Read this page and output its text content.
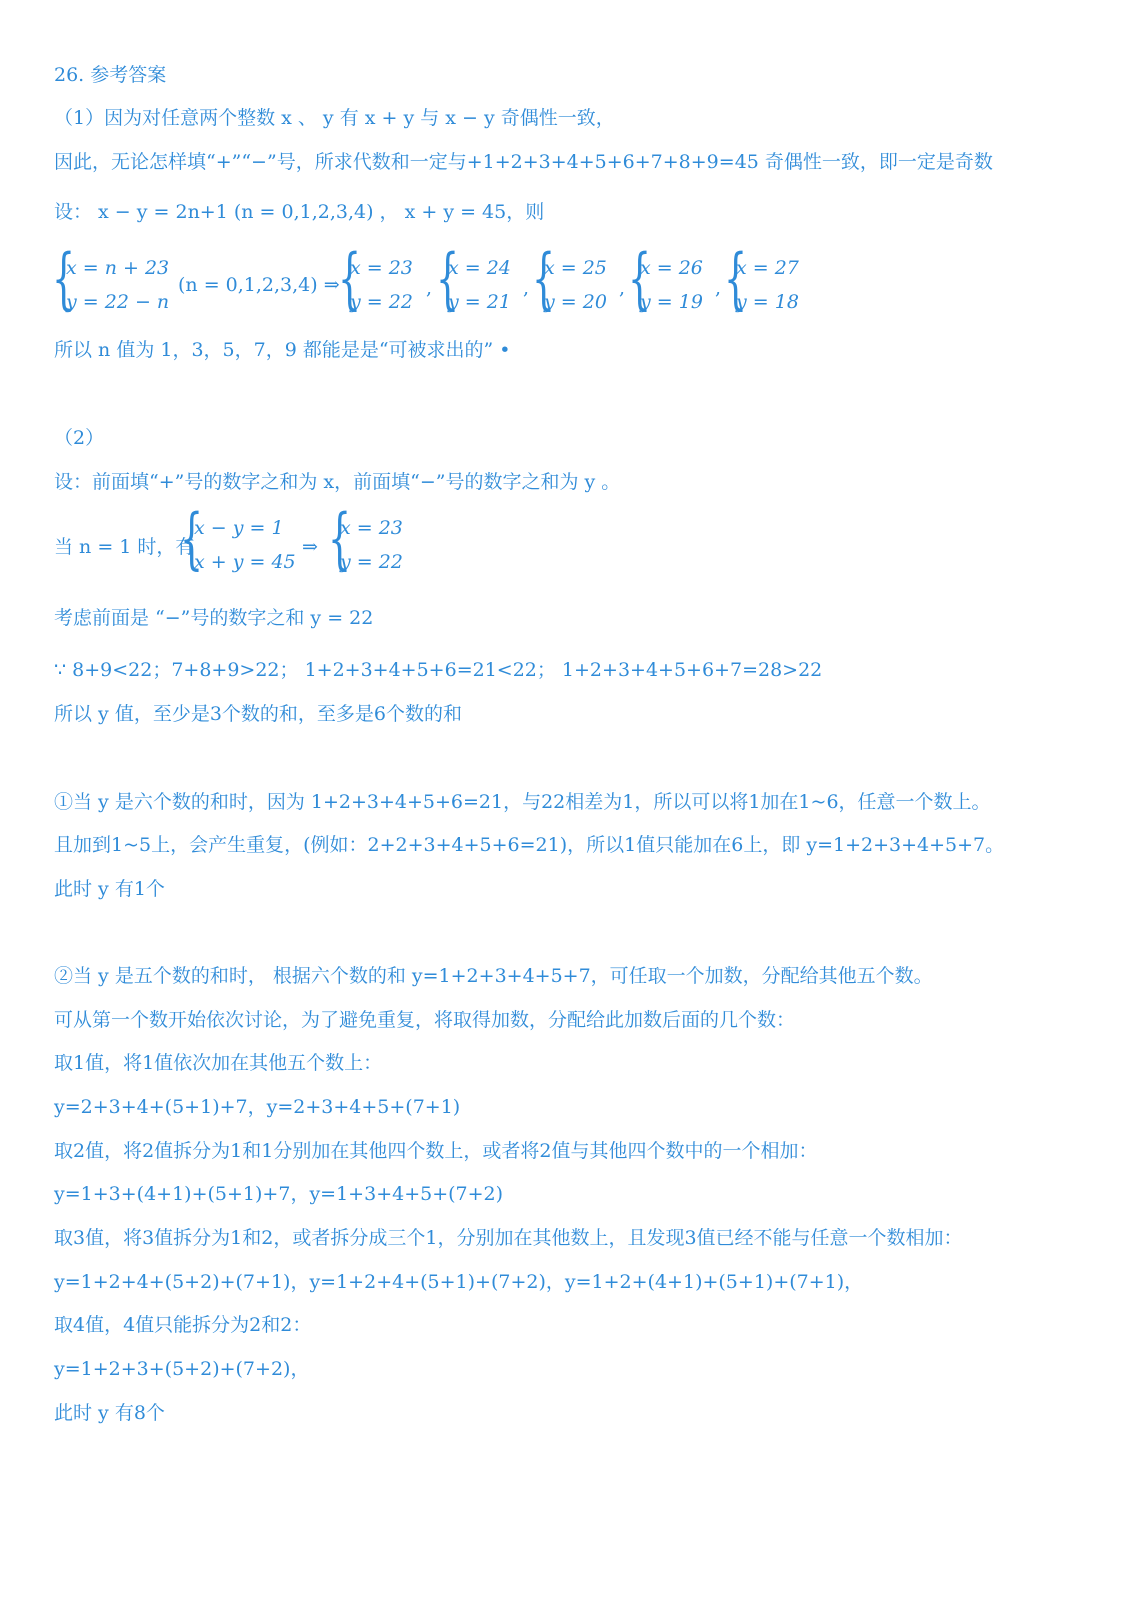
26. 参考答案
（1）因为对任意两个整数 x 、 y 有 x + y 与 x − y 奇偶性一致，
因此，无论怎样填“+”“−”号，所求代数和一定与+1+2+3+4+5+6+7+8+9=45 奇偶性一致，即一定是奇数
设： x − y = 2n+1 (n = 0,1,2,3,4) ， x + y = 45，则
{
x = n + 23
y = 22 − n
(n = 0,1,2,3,4) ⇒
{
x = 23
y = 22
, {
x = 24
y = 21
, {
x = 25
y = 20
, {
x = 26
y = 19
, {
x = 27
y = 18
所以 n 值为 1，3，5，7，9 都能是是“可被求出的” •
（2）
设：前面填“+”号的数字之和为 x，前面填“−”号的数字之和为 y 。
当 n = 1 时，有
{
x − y = 1
x + y = 45
⇒ {
x = 23
y = 22
考虑前面是 “−”号的数字之和 y = 22
∵ 8+9<22；7+8+9>22； 1+2+3+4+5+6=21<22； 1+2+3+4+5+6+7=28>22
所以 y 值，至少是3个数的和，至多是6个数的和
①当 y 是六个数的和时，因为 1+2+3+4+5+6=21，与22相差为1，所以可以将1加在1~6，任意一个数上。
且加到1~5上，会产生重复，(例如：2+2+3+4+5+6=21)，所以1值只能加在6上，即 y=1+2+3+4+5+7。
此时 y 有1个
②当 y 是五个数的和时， 根据六个数的和 y=1+2+3+4+5+7，可任取一个加数，分配给其他五个数。
可从第一个数开始依次讨论，为了避免重复，将取得加数，分配给此加数后面的几个数：
取1值，将1值依次加在其他五个数上：
y=2+3+4+(5+1)+7，y=2+3+4+5+(7+1)
取2值，将2值拆分为1和1分别加在其他四个数上，或者将2值与其他四个数中的一个相加：
y=1+3+(4+1)+(5+1)+7，y=1+3+4+5+(7+2)
取3值，将3值拆分为1和2，或者拆分成三个1，分别加在其他数上，且发现3值已经不能与任意一个数相加：
y=1+2+4+(5+2)+(7+1)，y=1+2+4+(5+1)+(7+2)，y=1+2+(4+1)+(5+1)+(7+1)，
取4值，4值只能拆分为2和2：
y=1+2+3+(5+2)+(7+2)，
此时 y 有8个
